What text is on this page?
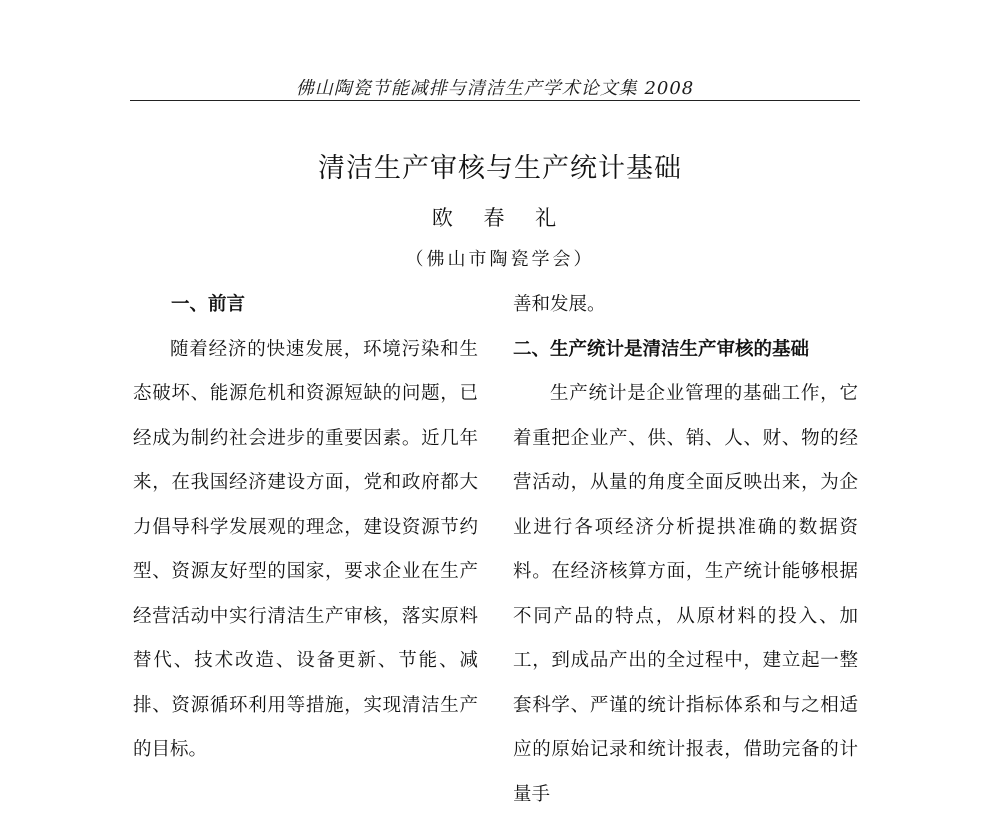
佛山陶瓷节能减排与清洁生产学术论文集 2008
清洁生产审核与生产统计基础
欧 春 礼
（佛山市陶瓷学会）
一、前言

随着经济的快速发展，环境污染和生态破坏、能源危机和资源短缺的问题，已经成为制约社会进步的重要因素。近几年来，在我国经济建设方面，党和政府都大力倡导科学发展观的理念，建设资源节约型、资源友好型的国家，要求企业在生产经营活动中实行清洁生产审核，落实原料替代、技术改造、设备更新、节能、减排、资源循环利用等措施，实现清洁生产的目标。

善和发展。

二、生产统计是清洁生产审核的基础

生产统计是企业管理的基础工作，它着重把企业产、供、销、人、财、物的经营活动，从量的角度全面反映出来，为企业进行各项经济分析提拱准确的数据资料。在经济核算方面，生产统计能够根据不同产品的特点，从原材料的投入、加工，到成品产出的全过程中，建立起一整套科学、严谨的统计指标体系和与之相适应的原始记录和统计报表，借助完备的计量手
